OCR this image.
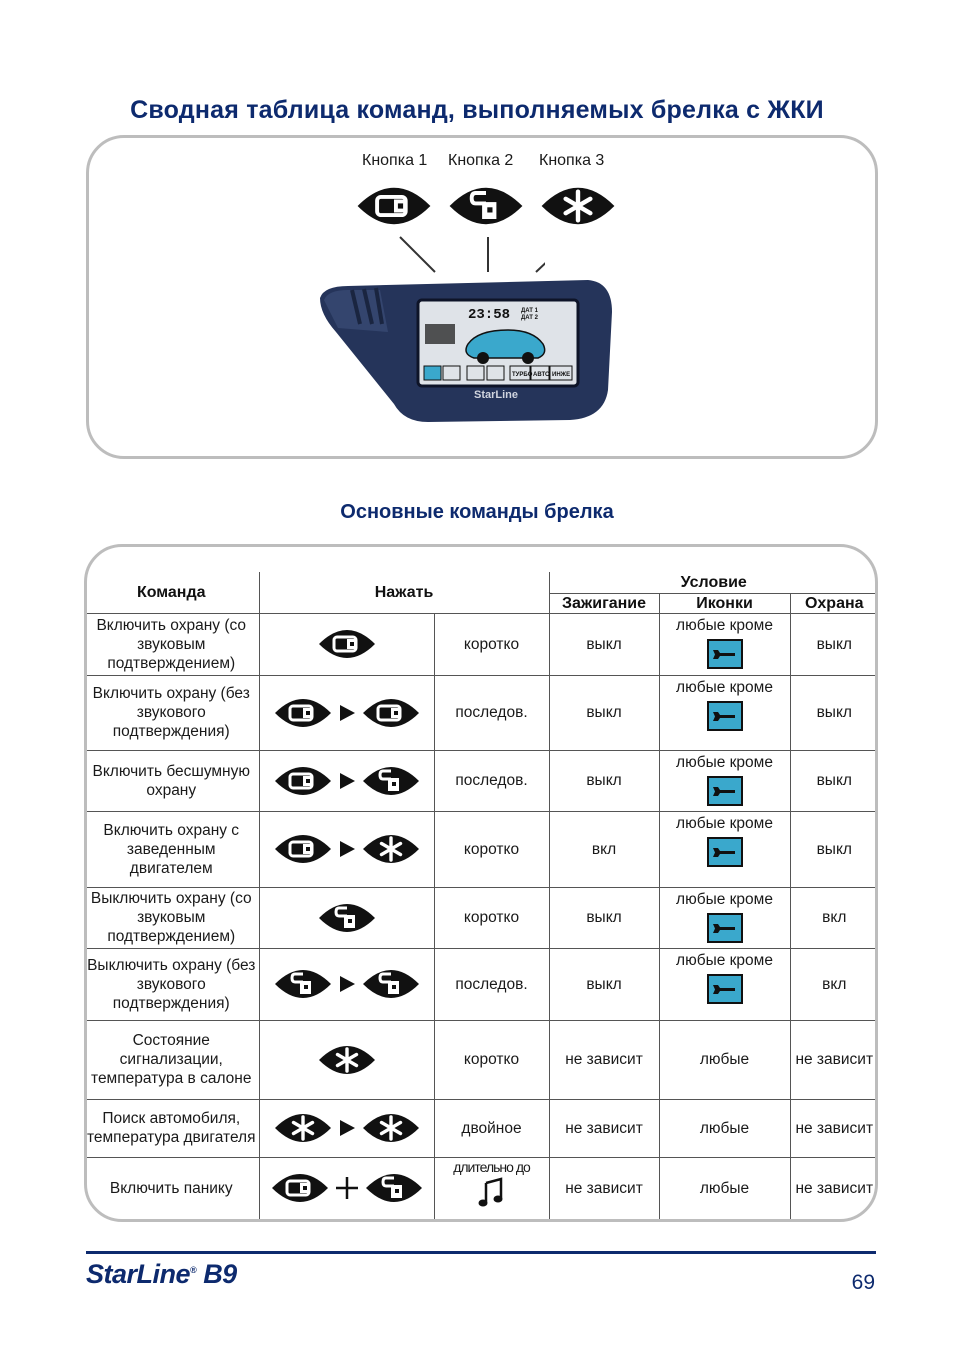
Сводная таблица команд, выполняемых брелка с ЖКИ
Кнопка 1 Кнопка 2 Кнопка 3
23:58 ДАТ 1
ДАТ 2
ТУРБО АВТО ИНЖЕ
StarLine
Основные команды брелка
Команда	Нажать		Условие		
			Зажигание	Иконки	Охрана
Включить охрану (со звуковым подтверждением)		коротко	выкл	любые кроме	выкл
Включить охрану (без звукового подтверждения)		последов.	выкл	любые кроме	выкл
Включить бесшумную охрану		последов.	выкл	любые кроме	выкл
Включить охрану с заведенным двигателем		коротко	вкл	любые кроме	выкл
Выключить охрану (со звуковым подтверждением)		коротко	выкл	любые кроме	вкл
Выключить охрану (без звукового подтверждения)		последов.	выкл	любые кроме	вкл
Состояние сигнализации, температура в салоне		коротко	не зависит	любые	не зависит
Поиск автомобиля, температура двигателя		двойное	не зависит	любые	не зависит
Включить панику		длительно до	не зависит	любые	не зависит
StarLine® B9	69
